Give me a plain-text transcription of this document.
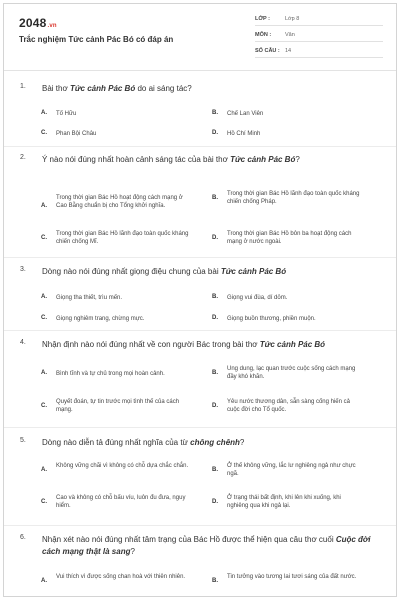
2048.vn
Trắc nghiệm Tức cảnh Pác Bó có đáp án
LỚP :	Lớp 8
MÔN :	Văn
SỐ CÂU : 14
1. Bài thơ Tức cảnh Pác Bó do ai sáng tác?
A. Tố Hữu	B. Chế Lan Viên
C. Phan Bội Châu	D. Hồ Chí Minh
2. Ý nào nói đúng nhất hoàn cảnh sáng tác của bài thơ Tức cảnh Pác Bó?
A.
Trong thời gian Bác Hồ hoạt động cách mạng ở Cao Bằng chuẩn bị cho Tổng khởi nghĩa.
B.
Trong thời gian Bác Hồ lãnh đạo toàn quốc kháng chiến chống Pháp.
C.
Trong thời gian Bác Hồ lãnh đạo toàn quốc kháng chiến chống Mĩ.
D.
Trong thời gian Bác Hồ bôn ba hoạt động cách mạng ở nước ngoài.
3. Dòng nào nói đúng nhất giọng điệu chung của bài Tức cảnh Pác Bó
A. Giọng tha thiết, trìu mến.	B. Giọng vui đùa, dí dỏm.
C. Giọng nghiêm trang, chừng mực.	D. Giọng buồn thương, phiền muộn.
4. Nhận định nào nói đúng nhất về con người Bác trong bài thơ Tức cảnh Pác Bó
A. Bình tĩnh và tự chủ trong mọi hoàn cảnh.	B.
Ung dung, lạc quan trước cuộc sống cách mạng đầy khó khăn.
C.
Quyết đoán, tự tin trước mọi tình thế của cách mạng.
D.
Yêu nước thương dân, sẵn sàng cống hiến cả cuộc đời cho Tổ quốc.
5. Dòng nào diễn tả đúng nhất nghĩa của từ chông chênh?
A.
Không vững chãi vì không có chỗ dựa chắc chắn.
B.
Ở thế không vững, lắc lư nghiêng ngả như chực ngã.
C.
Cao và không có chỗ bấu víu, luôn đu đưa, nguy hiểm.
D.
Ở trạng thái bất định, khi lên khi xuống, khi nghiêng qua khi ngả lại.
6. Nhận xét nào nói đúng nhất tâm trạng của Bác Hồ được thể hiện qua câu thơ cuối Cuộc đời cách mạng thật là sang?
A.
Vui thích vì được sống chan hoà với thiên nhiên.
B.
Tin tưởng vào tương lai tươi sáng của đất nước.
